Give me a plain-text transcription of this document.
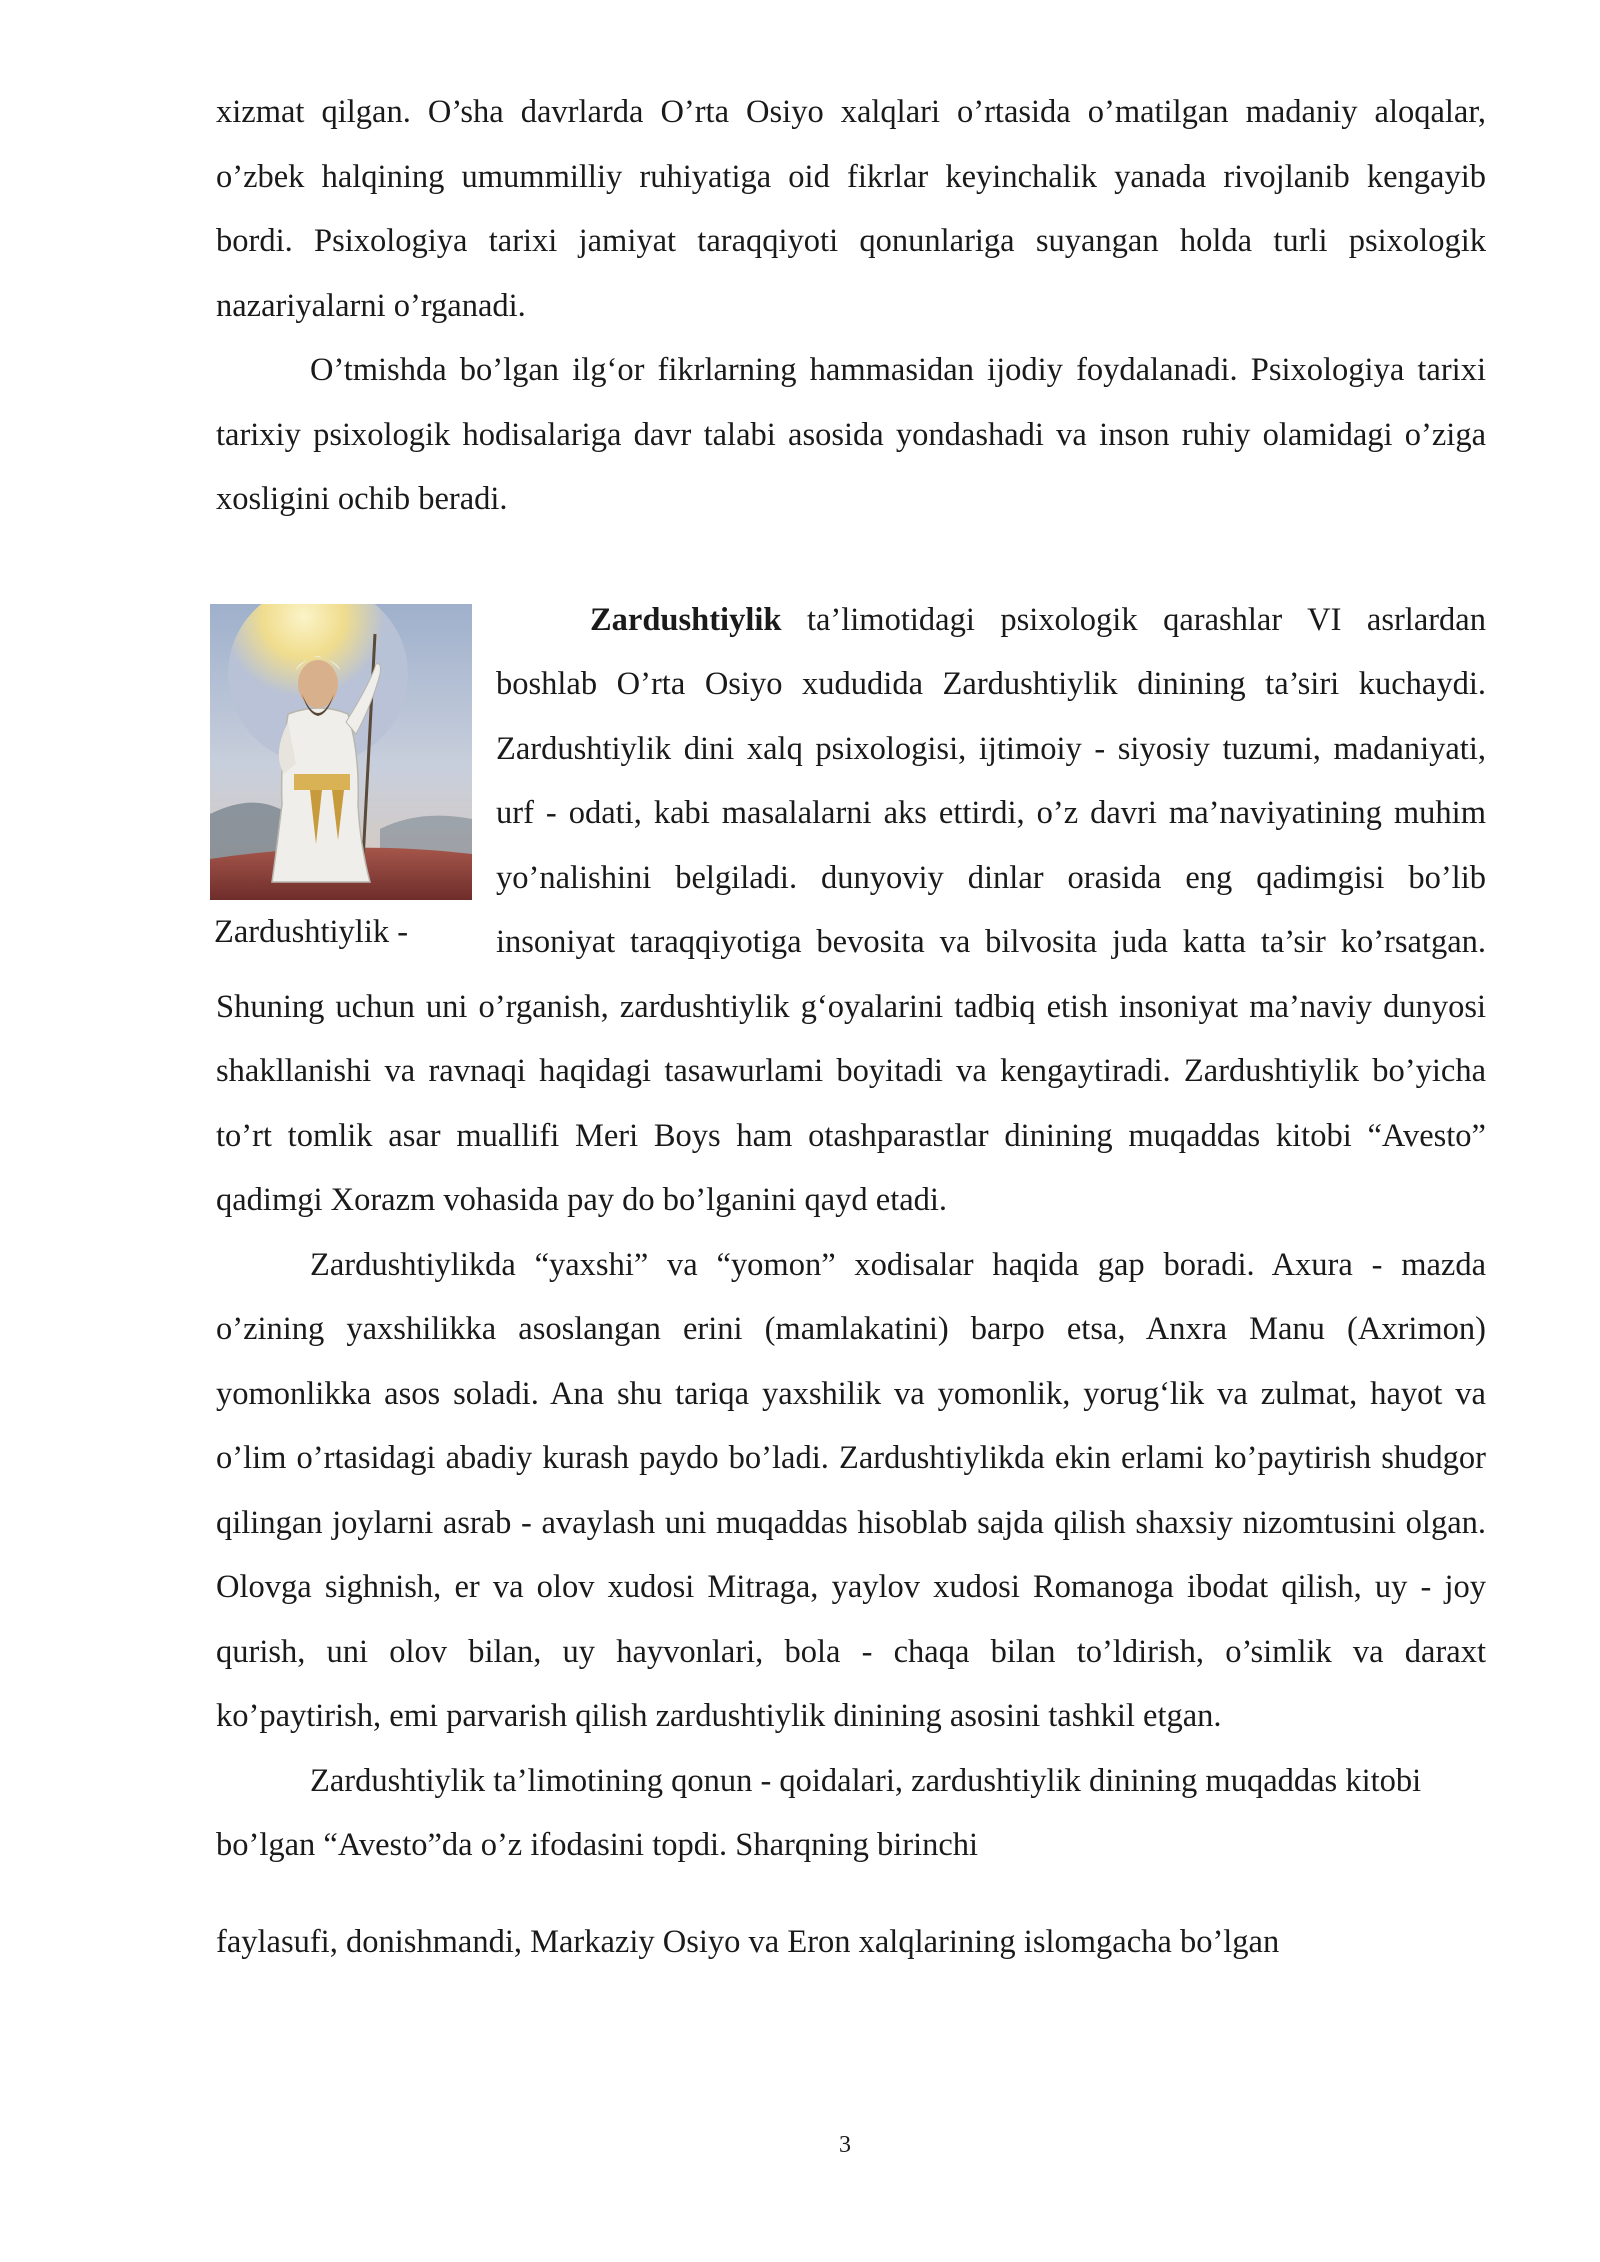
xizmat qilgan. O’sha davrlarda O’rta Osiyo xalqlari o’rtasida o’matilgan madaniy aloqalar, o’zbek halqining umummilliy ruhiyatiga oid fikrlar keyinchalik yanada rivojlanib kengayib bordi. Psixologiya tarixi jamiyat taraqqiyoti qonunlariga suyangan holda turli psixologik nazariyalarni o’rganadi.

O’tmishda bo’lgan ilg‘or fikrlarning hammasidan ijodiy foydalanadi. Psixologiya tarixi tarixiy psixologik hodisalariga davr talabi asosida yondashadi va inson ruhiy olamidagi o’ziga xosligini ochib beradi.

Zardushtiylik -

Zardushtiylik ta’limotidagi psixologik qarashlar VI asrlardan boshlab O’rta Osiyo xududida Zardushtiylik dinining ta’siri kuchaydi. Zardushtiylik dini xalq psixologisi, ijtimoiy - siyosiy tuzumi, madaniyati, urf - odati, kabi masalalarni aks ettirdi, o’z davri ma’naviyatining muhim yo’nalishini belgiladi. dunyoviy dinlar orasida eng qadimgisi bo’lib insoniyat taraqqiyotiga bevosita va bilvosita juda katta ta’sir ko’rsatgan. Shuning uchun uni o’rganish, zardushtiylik g‘oyalarini tadbiq etish insoniyat ma’naviy dunyosi shakllanishi va ravnaqi haqidagi tasawurlami boyitadi va kengaytiradi. Zardushtiylik bo’yicha to’rt tomlik asar muallifi Meri Boys ham otashparastlar dinining muqaddas kitobi “Avesto” qadimgi Xorazm vohasida pay do bo’lganini qayd etadi.

Zardushtiylikda “yaxshi” va “yomon” xodisalar haqida gap boradi. Axura - mazda o’zining yaxshilikka asoslangan erini (mamlakatini) barpo etsa, Anxra Manu (Axrimon) yomonlikka asos soladi. Ana shu tariqa yaxshilik va yomonlik, yorug‘lik va zulmat, hayot va o’lim o’rtasidagi abadiy kurash paydo bo’ladi. Zardushtiylikda ekin erlami ko’paytirish shudgor qilingan joylarni asrab - avaylash uni muqaddas hisoblab sajda qilish shaxsiy nizomtusini olgan. Olovga sighnish, er va olov xudosi Mitraga, yaylov xudosi Romanoga ibodat qilish, uy - joy qurish, uni olov bilan, uy hayvonlari, bola - chaqa bilan to’ldirish, o’simlik va daraxt ko’paytirish, emi parvarish qilish zardushtiylik dinining asosini tashkil etgan.

Zardushtiylik ta’limotining qonun - qoidalari, zardushtiylik dinining muqaddas kitobi bo’lgan “Avesto”da o’z ifodasini topdi. Sharqning birinchi

faylasufi, donishmandi, Markaziy Osiyo va Eron xalqlarining islomgacha bo’lgan

3
